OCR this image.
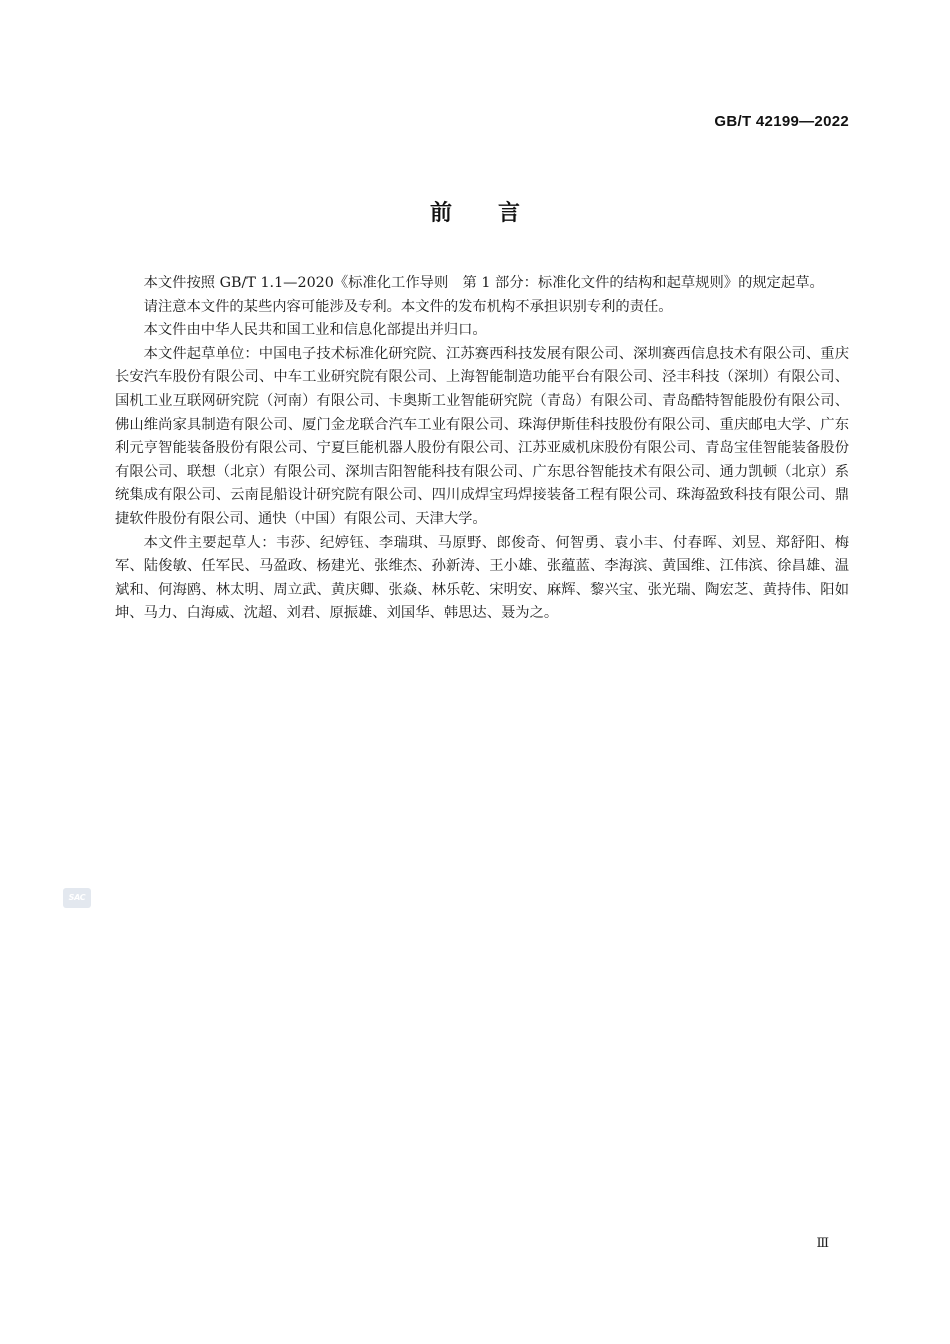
GB/T 42199—2022
前言

本文件按照 GB/T 1.1—2020《标准化工作导则　第 1 部分：标准化文件的结构和起草规则》的规定起草。

请注意本文件的某些内容可能涉及专利。本文件的发布机构不承担识别专利的责任。

本文件由中华人民共和国工业和信息化部提出并归口。

本文件起草单位：中国电子技术标准化研究院、江苏赛西科技发展有限公司、深圳赛西信息技术有限公司、重庆长安汽车股份有限公司、中车工业研究院有限公司、上海智能制造功能平台有限公司、泾丰科技（深圳）有限公司、国机工业互联网研究院（河南）有限公司、卡奥斯工业智能研究院（青岛）有限公司、青岛酷特智能股份有限公司、佛山维尚家具制造有限公司、厦门金龙联合汽车工业有限公司、珠海伊斯佳科技股份有限公司、重庆邮电大学、广东利元亨智能装备股份有限公司、宁夏巨能机器人股份有限公司、江苏亚威机床股份有限公司、青岛宝佳智能装备股份有限公司、联想（北京）有限公司、深圳吉阳智能科技有限公司、广东思谷智能技术有限公司、通力凯顿（北京）系统集成有限公司、云南昆船设计研究院有限公司、四川成焊宝玛焊接装备工程有限公司、珠海盈致科技有限公司、鼎捷软件股份有限公司、通快（中国）有限公司、天津大学。

本文件主要起草人：韦莎、纪婷钰、李瑞琪、马原野、郎俊奇、何智勇、袁小丰、付春晖、刘昱、郑舒阳、梅军、陆俊敏、任军民、马盈政、杨建光、张维杰、孙新涛、王小雄、张蕴蓝、李海滨、黄国维、江伟滨、徐昌雄、温斌和、何海鸥、林太明、周立武、黄庆卿、张焱、林乐乾、宋明安、麻辉、黎兴宝、张光瑞、陶宏芝、黄持伟、阳如坤、马力、白海威、沈超、刘君、原振雄、刘国华、韩思达、聂为之。

SAC
Ⅲ
